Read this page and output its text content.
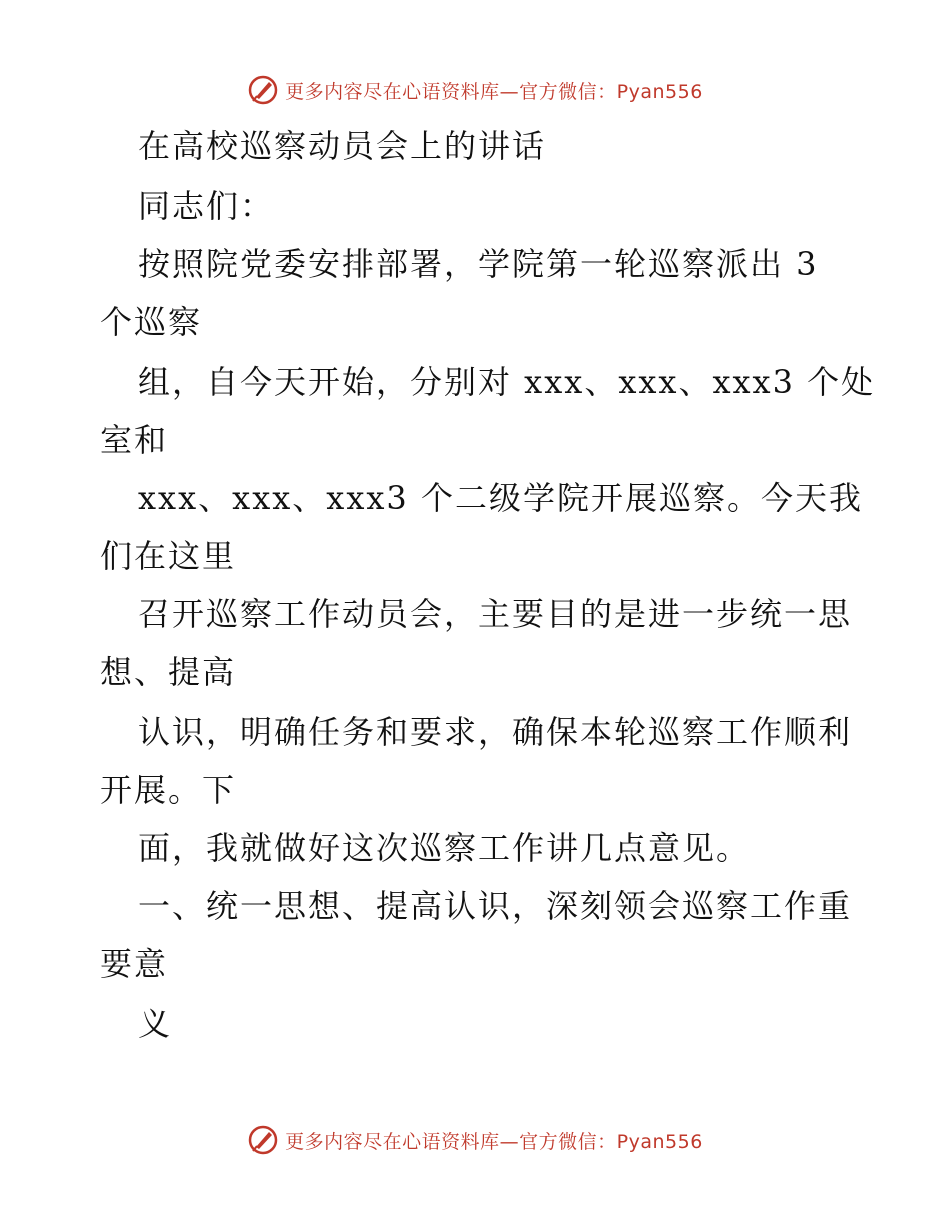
更多内容尽在心语资料库—官方微信：Pyan556
在高校巡察动员会上的讲话
同志们：
按照院党委安排部署，学院第一轮巡察派出 3
个巡察
组，自今天开始，分别对 xxx、xxx、xxx3 个处
室和
xxx、xxx、xxx3 个二级学院开展巡察。今天我
们在这里
召开巡察工作动员会，主要目的是进一步统一思
想、提高
认识，明确任务和要求，确保本轮巡察工作顺利
开展。下
面，我就做好这次巡察工作讲几点意见。
一、统一思想、提高认识，深刻领会巡察工作重
要意
义
更多内容尽在心语资料库—官方微信：Pyan556
